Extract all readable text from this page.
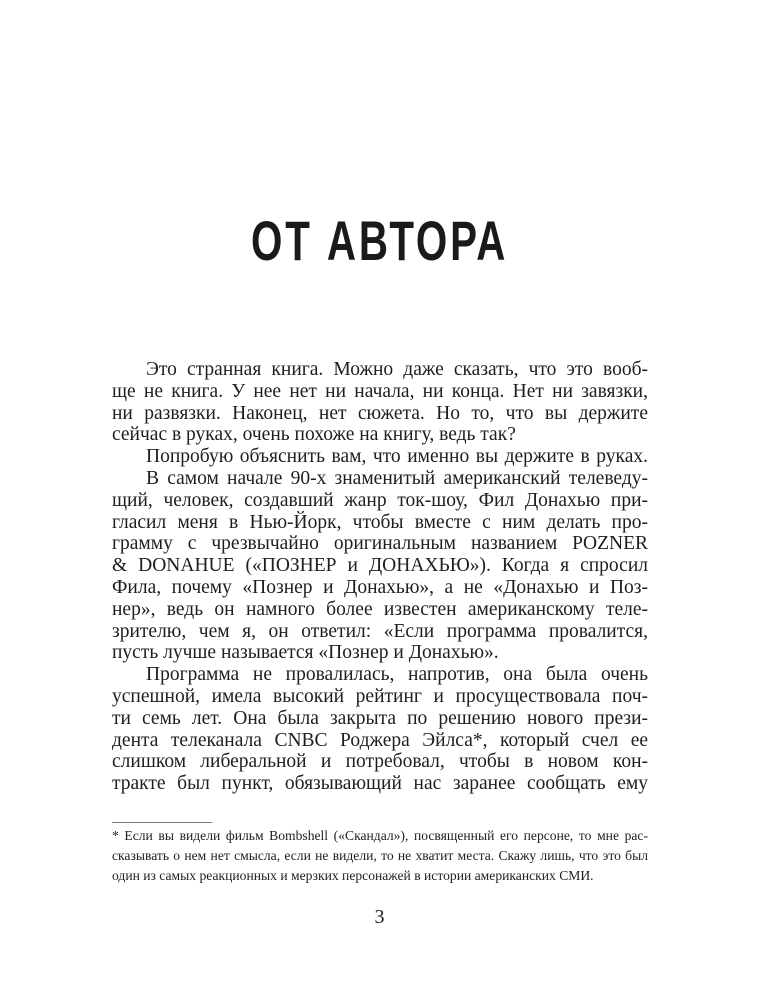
ОТ АВТОРА
Это странная книга. Можно даже сказать, что это вооб-
ще не книга. У нее нет ни начала, ни конца. Нет ни завязки,
ни развязки. Наконец, нет сюжета. Но то, что вы держите
сейчас в руках, очень похоже на книгу, ведь так?
Попробую объяснить вам, что именно вы держите в руках.
В самом начале 90-х знаменитый американский телеведу-
щий, человек, создавший жанр ток-шоу, Фил Донахью при-
гласил меня в Нью-Йорк, чтобы вместе с ним делать про-
грамму с чрезвычайно оригинальным названием POZNER
& DONAHUE («ПОЗНЕР и ДОНАХЬЮ»). Когда я спросил
Фила, почему «Познер и Донахью», а не «Донахью и Поз-
нер», ведь он намного более известен американскому теле-
зрителю, чем я, он ответил: «Если программа провалится,
пусть лучше называется «Познер и Донахью».
Программа не провалилась, напротив, она была очень
успешной, имела высокий рейтинг и просуществовала поч-
ти семь лет. Она была закрыта по решению нового прези-
дента телеканала CNBC Роджера Эйлса*, который счел ее
слишком либеральной и потребовал, чтобы в новом кон-
тракте был пункт, обязывающий нас заранее сообщать ему
* Если вы видели фильм Bombshell («Скандал»), посвященный его персоне, то мне рас-
сказывать о нем нет смысла, если не видели, то не хватит места. Скажу лишь, что это был
один из самых реакционных и мерзких персонажей в истории американских СМИ.
3
